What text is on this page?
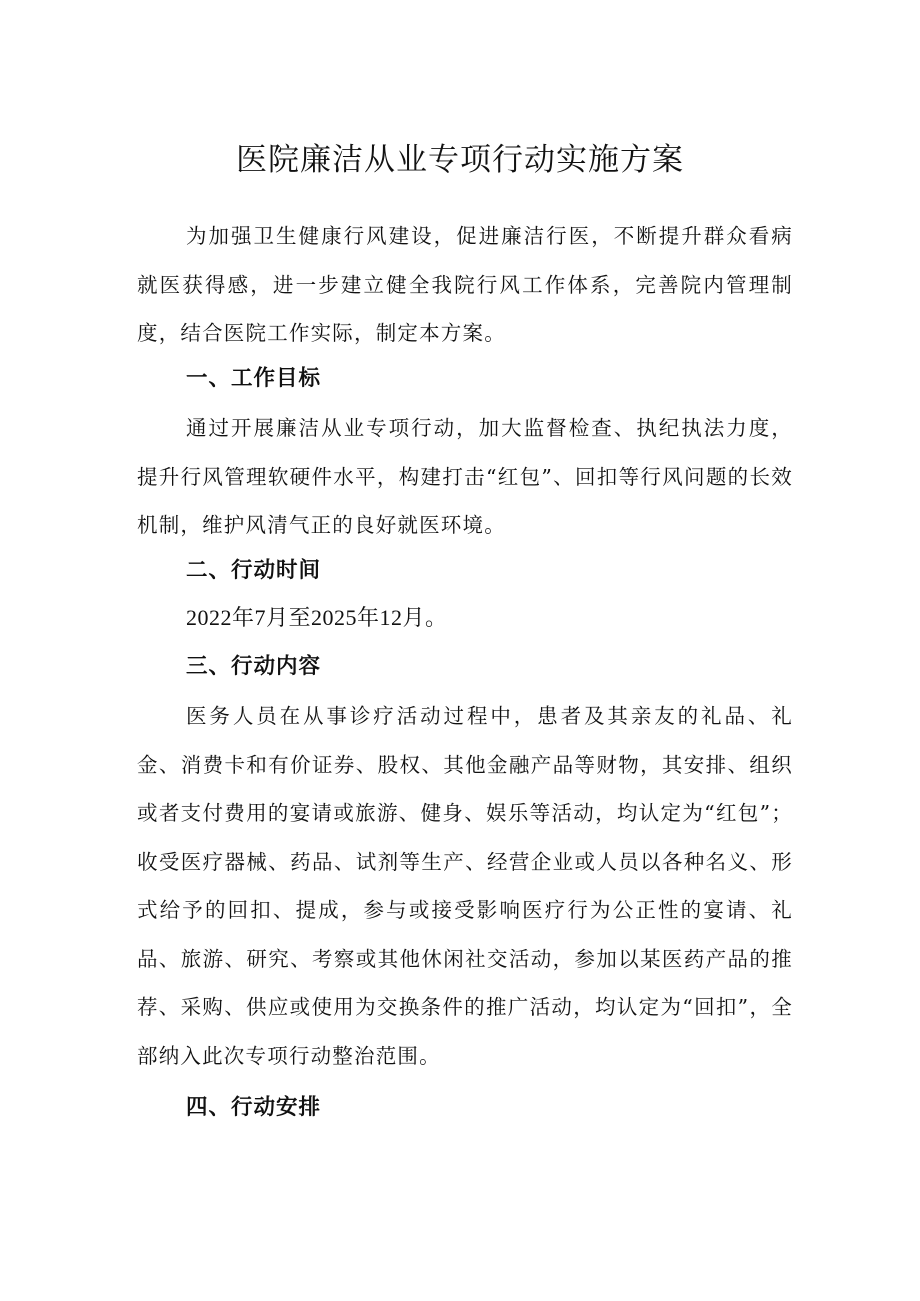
医院廉洁从业专项行动实施方案

为加强卫生健康行风建设，促进廉洁行医，不断提升群众看病就医获得感，进一步建立健全我院行风工作体系，完善院内管理制度，结合医院工作实际，制定本方案。

一、工作目标

通过开展廉洁从业专项行动，加大监督检查、执纪执法力度，提升行风管理软硬件水平，构建打击“红包”、回扣等行风问题的长效机制，维护风清气正的良好就医环境。

二、行动时间

2022年7月至2025年12月。

三、行动内容

医务人员在从事诊疗活动过程中，患者及其亲友的礼品、礼金、消费卡和有价证券、股权、其他金融产品等财物，其安排、组织或者支付费用的宴请或旅游、健身、娱乐等活动，均认定为“红包”；收受医疗器械、药品、试剂等生产、经营企业或人员以各种名义、形式给予的回扣、提成，参与或接受影响医疗行为公正性的宴请、礼品、旅游、研究、考察或其他休闲社交活动，参加以某医药产品的推荐、采购、供应或使用为交换条件的推广活动，均认定为“回扣”，全部纳入此次专项行动整治范围。

四、行动安排
